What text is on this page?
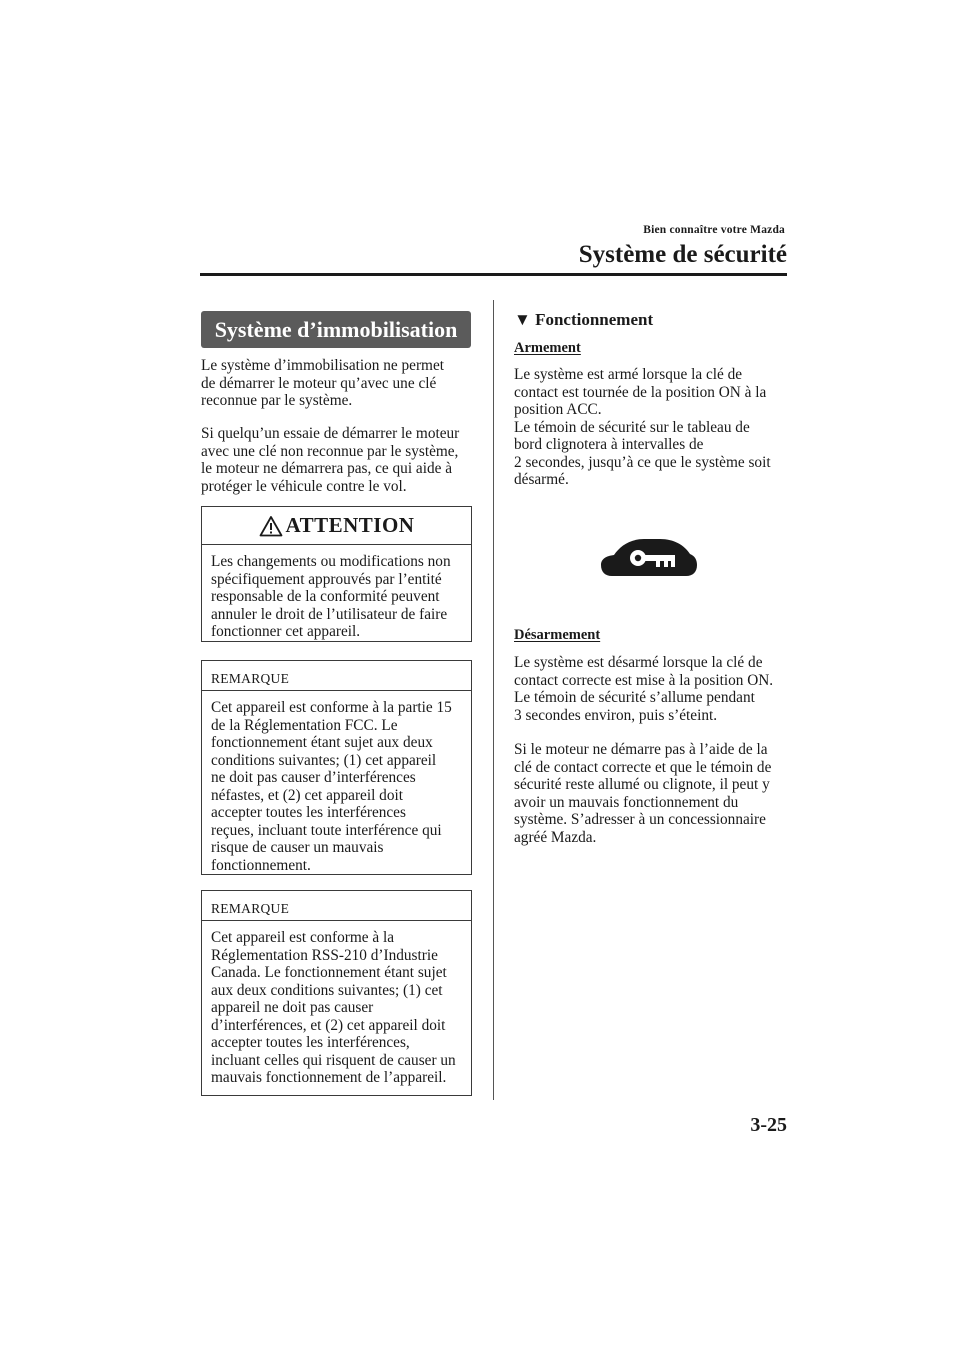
Bien connaître votre Mazda
Système de sécurité
Système d’immobilisation
Le système d’immobilisation ne permet
de démarrer le moteur qu’avec une clé
reconnue par le système.
Si quelqu’un essaie de démarrer le moteur
avec une clé non reconnue par le système,
le moteur ne démarrera pas, ce qui aide à
protéger le véhicule contre le vol.
ATTENTION
Les changements ou modifications non
spécifiquement approuvés par l’entité
responsable de la conformité peuvent
annuler le droit de l’utilisateur de faire
fonctionner cet appareil.
REMARQUE
Cet appareil est conforme à la partie 15
de la Réglementation FCC. Le
fonctionnement étant sujet aux deux
conditions suivantes; (1) cet appareil
ne doit pas causer d’interférences
néfastes, et (2) cet appareil doit
accepter toutes les interférences
reçues, incluant toute interférence qui
risque de causer un mauvais
fonctionnement.
REMARQUE
Cet appareil est conforme à la
Réglementation RSS-210 d’Industrie
Canada. Le fonctionnement étant sujet
aux deux conditions suivantes; (1) cet
appareil ne doit pas causer
d’interférences, et (2) cet appareil doit
accepter toutes les interférences,
incluant celles qui risquent de causer un
mauvais fonctionnement de l’appareil.
▼ Fonctionnement
Armement
Le système est armé lorsque la clé de
contact est tournée de la position ON à la
position ACC.
Le témoin de sécurité sur le tableau de
bord clignotera à intervalles de
2 secondes, jusqu’à ce que le système soit
désarmé.
Désarmement
Le système est désarmé lorsque la clé de
contact correcte est mise à la position ON.
Le témoin de sécurité s’allume pendant
3 secondes environ, puis s’éteint.
Si le moteur ne démarre pas à l’aide de la
clé de contact correcte et que le témoin de
sécurité reste allumé ou clignote, il peut y
avoir un mauvais fonctionnement du
système. S’adresser à un concessionnaire
agréé Mazda.
3-25
